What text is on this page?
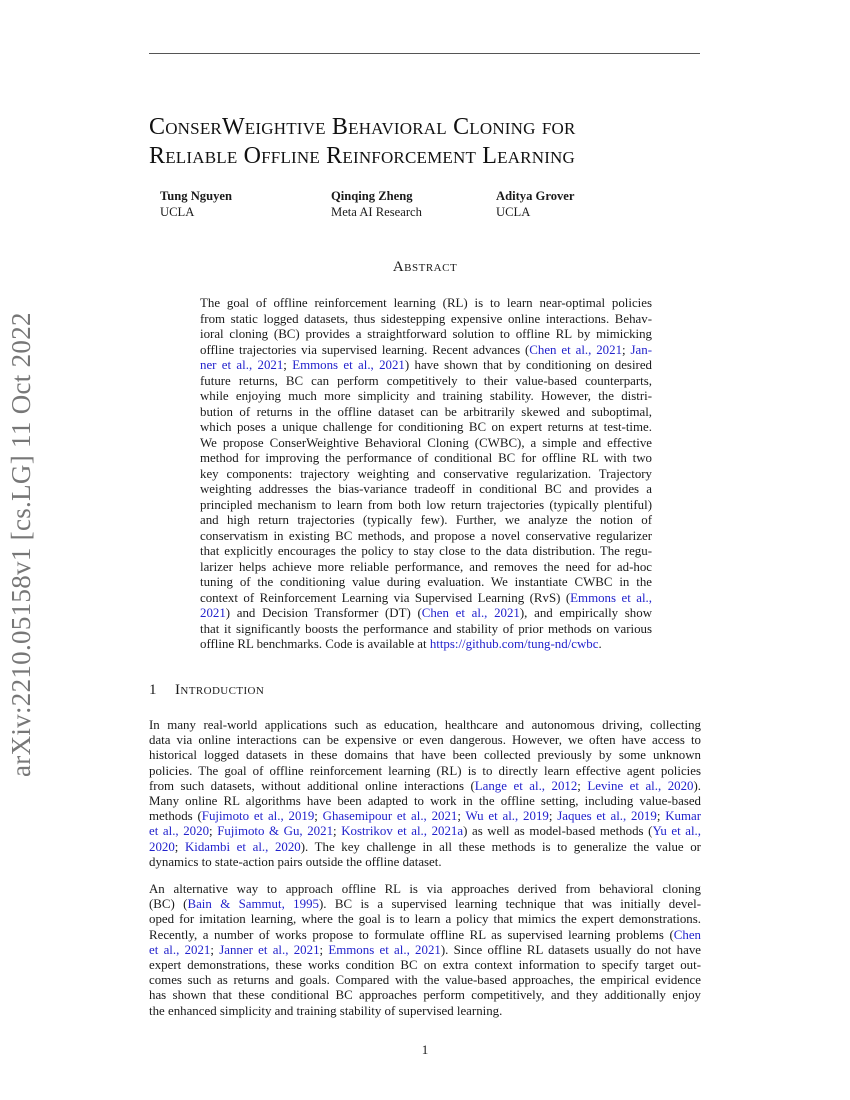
arXiv:2210.05158v1 [cs.LG] 11 Oct 2022
ConserWeightive Behavioral Cloning for
Reliable Offline Reinforcement Learning
Tung Nguyen
UCLA
Qinqing Zheng
Meta AI Research
Aditya Grover
UCLA
Abstract
The goal of offline reinforcement learning (RL) is to learn near-optimal policies
from static logged datasets, thus sidestepping expensive online interactions. Behav-
ioral cloning (BC) provides a straightforward solution to offline RL by mimicking
offline trajectories via supervised learning. Recent advances (Chen et al., 2021; Jan-
ner et al., 2021; Emmons et al., 2021) have shown that by conditioning on desired
future returns, BC can perform competitively to their value-based counterparts,
while enjoying much more simplicity and training stability. However, the distri-
bution of returns in the offline dataset can be arbitrarily skewed and suboptimal,
which poses a unique challenge for conditioning BC on expert returns at test-time.
We propose ConserWeightive Behavioral Cloning (CWBC), a simple and effective
method for improving the performance of conditional BC for offline RL with two
key components: trajectory weighting and conservative regularization. Trajectory
weighting addresses the bias-variance tradeoff in conditional BC and provides a
principled mechanism to learn from both low return trajectories (typically plentiful)
and high return trajectories (typically few). Further, we analyze the notion of
conservatism in existing BC methods, and propose a novel conservative regularizer
that explicitly encourages the policy to stay close to the data distribution. The regu-
larizer helps achieve more reliable performance, and removes the need for ad-hoc
tuning of the conditioning value during evaluation. We instantiate CWBC in the
context of Reinforcement Learning via Supervised Learning (RvS) (Emmons et al.,
2021) and Decision Transformer (DT) (Chen et al., 2021), and empirically show
that it significantly boosts the performance and stability of prior methods on various
offline RL benchmarks. Code is available at https://github.com/tung-nd/cwbc.
1 Introduction
In many real-world applications such as education, healthcare and autonomous driving, collecting
data via online interactions can be expensive or even dangerous. However, we often have access to
historical logged datasets in these domains that have been collected previously by some unknown
policies. The goal of offline reinforcement learning (RL) is to directly learn effective agent policies
from such datasets, without additional online interactions (Lange et al., 2012; Levine et al., 2020).
Many online RL algorithms have been adapted to work in the offline setting, including value-based
methods (Fujimoto et al., 2019; Ghasemipour et al., 2021; Wu et al., 2019; Jaques et al., 2019; Kumar
et al., 2020; Fujimoto & Gu, 2021; Kostrikov et al., 2021a) as well as model-based methods (Yu et al.,
2020; Kidambi et al., 2020). The key challenge in all these methods is to generalize the value or
dynamics to state-action pairs outside the offline dataset.
An alternative way to approach offline RL is via approaches derived from behavioral cloning
(BC) (Bain & Sammut, 1995). BC is a supervised learning technique that was initially devel-
oped for imitation learning, where the goal is to learn a policy that mimics the expert demonstrations.
Recently, a number of works propose to formulate offline RL as supervised learning problems (Chen
et al., 2021; Janner et al., 2021; Emmons et al., 2021). Since offline RL datasets usually do not have
expert demonstrations, these works condition BC on extra context information to specify target out-
comes such as returns and goals. Compared with the value-based approaches, the empirical evidence
has shown that these conditional BC approaches perform competitively, and they additionally enjoy
the enhanced simplicity and training stability of supervised learning.
1
